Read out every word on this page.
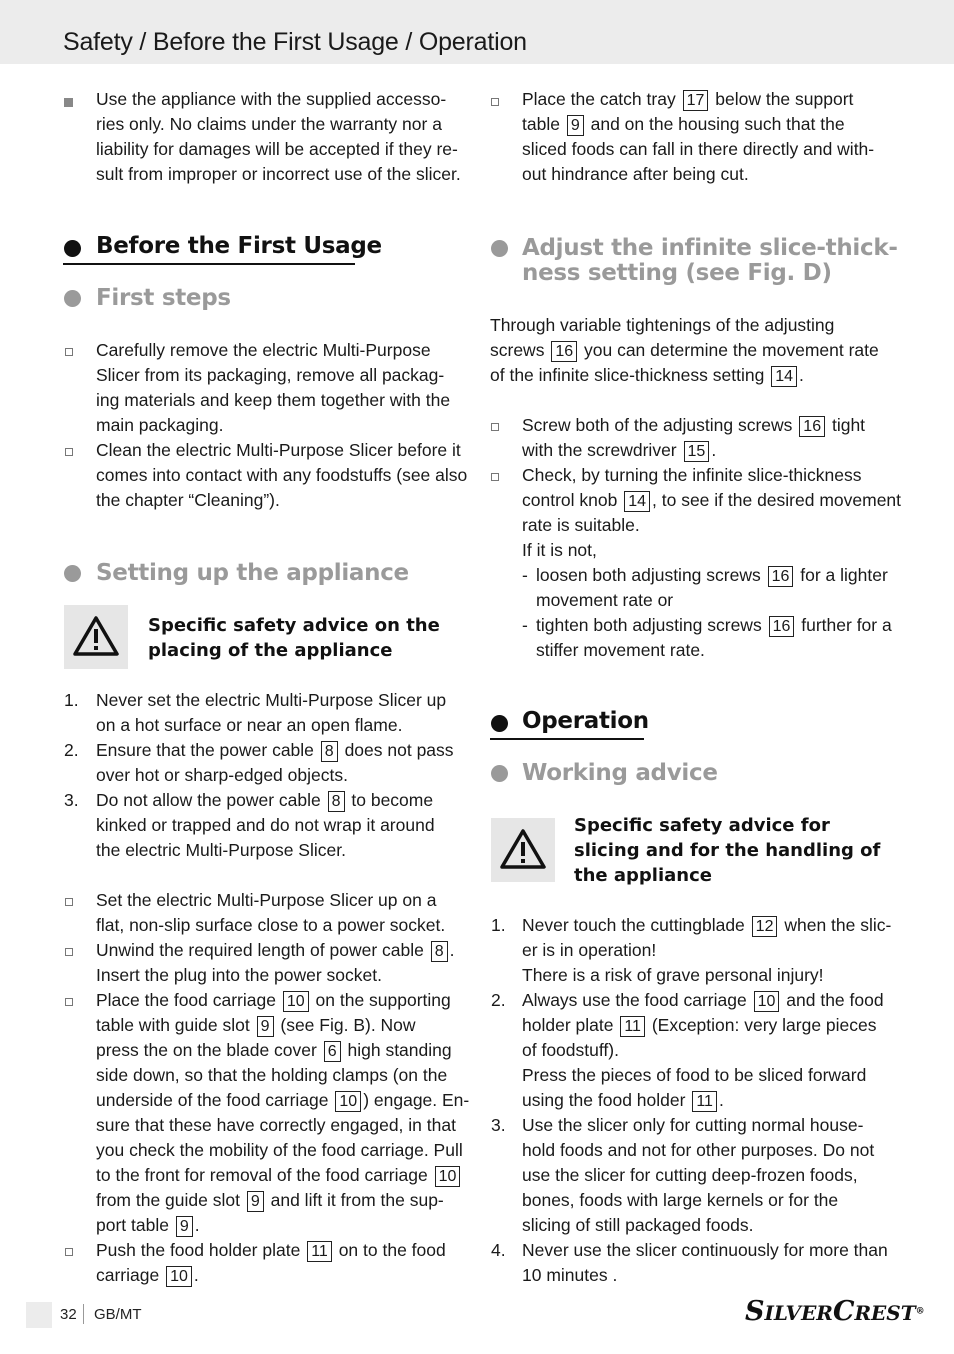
Safety / Before the First Usage / Operation
Use the appliance with the supplied accesso-
ries only. No claims under the warranty nor a
liability for damages will be accepted if they re-
sult from improper or incorrect use of the slicer.
Before the First Usage
First steps
Carefully remove the electric Multi-Purpose
Slicer from its packaging, remove all packag-
ing materials and keep them together with the
main packaging.
Clean the electric Multi-Purpose Slicer before it
comes into contact with any foodstuffs (see also
the chapter “Cleaning”).
Setting up the appliance
Specific safety advice on the
placing of the appliance
1. Never set the electric Multi-Purpose Slicer up
on a hot surface or near an open flame.
2. Ensure that the power cable 8 does not pass
over hot or sharp-edged objects.
3. Do not allow the power cable 8 to become
kinked or trapped and do not wrap it around
the electric Multi-Purpose Slicer.
Set the electric Multi-Purpose Slicer up on a
flat, non-slip surface close to a power socket.
Unwind the required length of power cable 8 .
Insert the plug into the power socket.
Place the food carriage 10 on the supporting
table with guide slot 9 (see Fig. B). Now
press the on the blade cover 6 high standing
side down, so that the holding clamps (on the
underside of the food carriage 10 ) engage. En-
sure that these have correctly engaged, in that
you check the mobility of the food carriage. Pull
to the front for removal of the food carriage 10
from the guide slot 9 and lift it from the sup-
port table 9 .
Push the food holder plate 11 on to the food
carriage 10 .
Place the catch tray 17 below the support
table 9 and on the housing such that the
sliced foods can fall in there directly and with-
out hindrance after being cut.
Adjust the infinite slice-thick-
ness setting (see Fig. D)
Through variable tightenings of the adjusting
screws 16 you can determine the movement rate
of the infinite slice-thickness setting 14 .
Screw both of the adjusting screws 16 tight
with the screwdriver 15 .
Check, by turning the infinite slice-thickness
control knob 14 , to see if the desired movement
rate is suitable.
If it is not,
- loosen both adjusting screws 16 for a lighter
movement rate or
- tighten both adjusting screws 16 further for a
stiffer movement rate.
Operation
Working advice
Specific safety advice for
slicing and for the handling of
the appliance
1. Never touch the cuttingblade 12 when the slic-
er is in operation!
There is a risk of grave personal injury!
2. Always use the food carriage 10 and the food
holder plate 11 (Exception: very large pieces
of foodstuff).
Press the pieces of food to be sliced forward
using the food holder 11 .
3. Use the slicer only for cutting normal house-
hold foods and not for other purposes. Do not
use the slicer for cutting deep-frozen foods,
bones, foods with large kernels or for the
slicing of still packaged foods.
4. Never use the slicer continuously for more than
10 minutes .
32 GB/MT	SILVERCREST®
